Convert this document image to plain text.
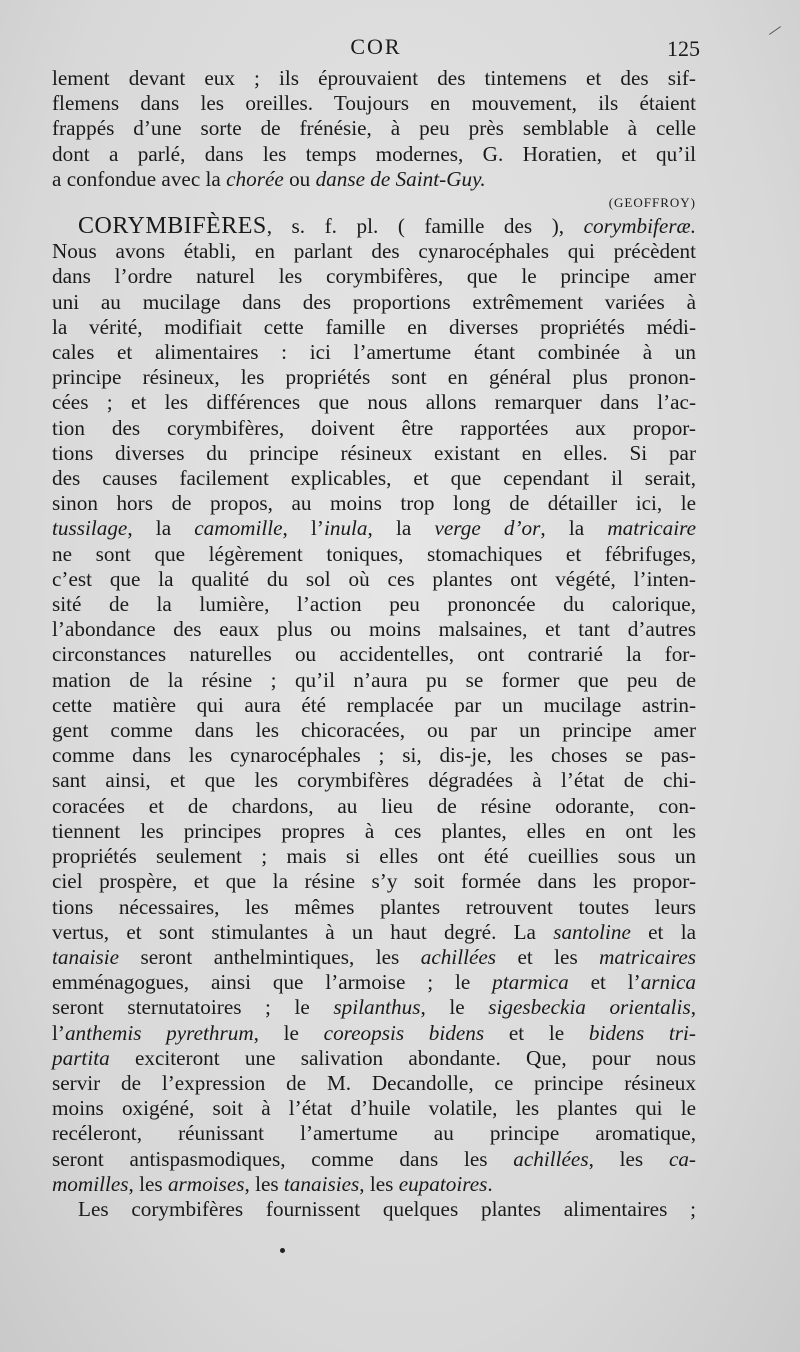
COR	125
lement devant eux ; ils éprouvaient des tintemens et des sif-
flemens dans les oreilles. Toujours en mouvement, ils étaient
frappés d’une sorte de frénésie, à peu près semblable à celle
dont a parlé, dans les temps modernes, G. Horatien, et qu’il
a confondue avec la chorée ou danse de Saint-Guy.
(GEOFFROY)
CORYMBIFÈRES, s. f. pl. ( famille des ), corymbiferæ.
Nous avons établi, en parlant des cynarocéphales qui précèdent
dans l’ordre naturel les corymbifères, que le principe amer
uni au mucilage dans des proportions extrêmement variées à
la vérité, modifiait cette famille en diverses propriétés médi-
cales et alimentaires : ici l’amertume étant combinée à un
principe résineux, les propriétés sont en général plus pronon-
cées ; et les différences que nous allons remarquer dans l’ac-
tion des corymbifères, doivent être rapportées aux propor-
tions diverses du principe résineux existant en elles. Si par
des causes facilement explicables, et que cependant il serait,
sinon hors de propos, au moins trop long de détailler ici, le
tussilage, la camomille, l’inula, la verge d’or, la matricaire
ne sont que légèrement toniques, stomachiques et fébrifuges,
c’est que la qualité du sol où ces plantes ont végété, l’inten-
sité de la lumière, l’action peu prononcée du calorique,
l’abondance des eaux plus ou moins malsaines, et tant d’autres
circonstances naturelles ou accidentelles, ont contrarié la for-
mation de la résine ; qu’il n’aura pu se former que peu de
cette matière qui aura été remplacée par un mucilage astrin-
gent comme dans les chicoracées, ou par un principe amer
comme dans les cynarocéphales ; si, dis-je, les choses se pas-
sant ainsi, et que les corymbifères dégradées à l’état de chi-
coracées et de chardons, au lieu de résine odorante, con-
tiennent les principes propres à ces plantes, elles en ont les
propriétés seulement ; mais si elles ont été cueillies sous un
ciel prospère, et que la résine s’y soit formée dans les propor-
tions nécessaires, les mêmes plantes retrouvent toutes leurs
vertus, et sont stimulantes à un haut degré. La santoline et la
tanaisie seront anthelmintiques, les achillées et les matricaires
emménagogues, ainsi que l’armoise ; le ptarmica et l’arnica
seront sternutatoires ; le spilanthus, le sigesbeckia orientalis,
l’anthemis pyrethrum, le coreopsis bidens et le bidens tri-
partita exciteront une salivation abondante. Que, pour nous
servir de l’expression de M. Decandolle, ce principe résineux
moins oxigéné, soit à l’état d’huile volatile, les plantes qui le
recéleront, réunissant l’amertume au principe aromatique,
seront antispasmodiques, comme dans les achillées, les ca-
momilles, les armoises, les tanaisies, les eupatoires.
Les corymbifères fournissent quelques plantes alimentaires ;
